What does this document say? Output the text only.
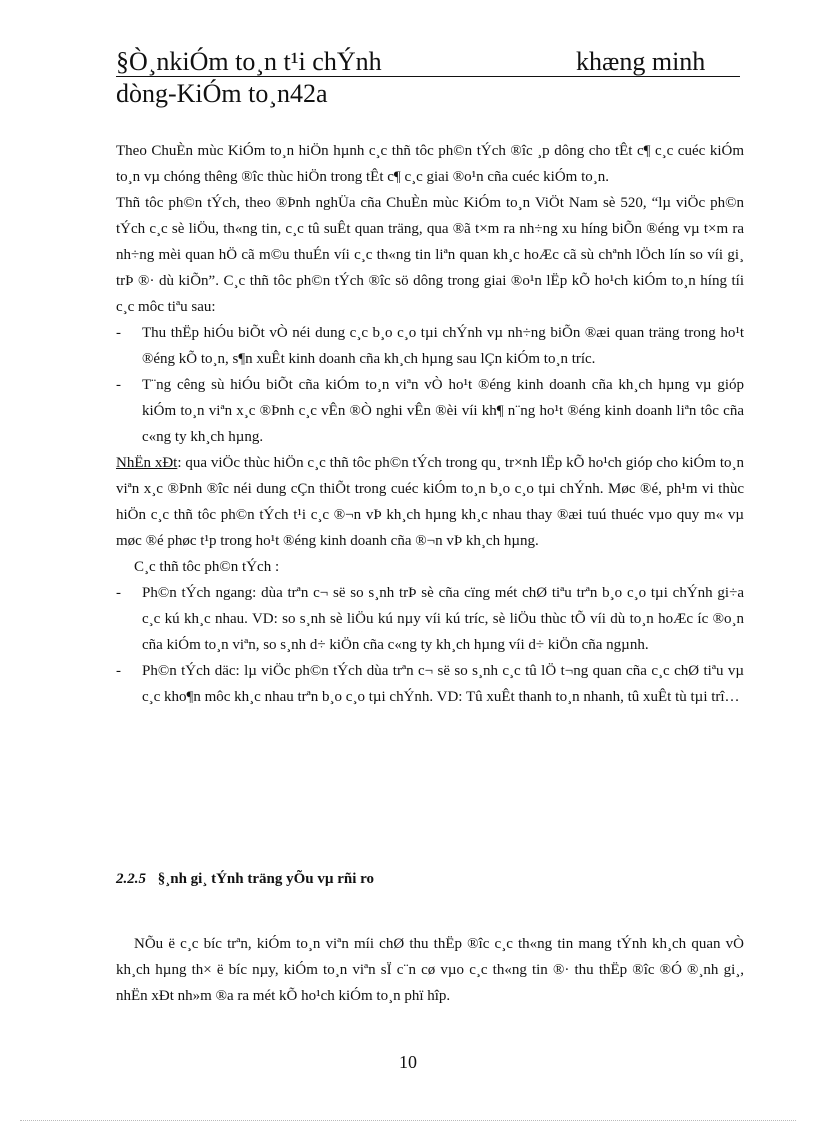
§Ò¸nkiÓm to¸n t¹i chÝnh	khæng minh
dòng-KiÓm to¸n42a

Theo ChuÈn mùc KiÓm to¸n hiÖn hµnh c¸c thñ tôc ph©n tÝch ®îc ¸p dông cho tÊt c¶ c¸c cuéc kiÓm to¸n vµ chóng thêng ®îc thùc hiÖn trong tÊt c¶ c¸c giai ®o¹n cña cuéc kiÓm to¸n.

Thñ tôc ph©n tÝch, theo ®Þnh nghÜa cña ChuÈn mùc KiÓm to¸n ViÖt Nam sè 520, “lµ viÖc ph©n tÝch c¸c sè liÖu, th«ng tin, c¸c tû suÊt quan träng, qua ®ã t×m ra nh÷ng xu híng biÕn ®éng vµ t×m ra nh÷ng mèi quan hÖ cã m©u thuÉn víi c¸c th«ng tin liªn quan kh¸c hoÆc cã sù chªnh lÖch lín so víi gi¸ trÞ ®· dù kiÕn”. C¸c thñ tôc ph©n tÝch ®îc sö dông trong giai ®o¹n lËp kÕ ho¹ch kiÓm to¸n híng tíi c¸c môc tiªu sau:

- Thu thËp hiÓu biÕt vÒ néi dung c¸c b¸o c¸o tµi chÝnh vµ nh÷ng biÕn ®æi quan träng trong ho¹t ®éng kÕ to¸n, s¶n xuÊt kinh doanh cña kh¸ch hµng sau lÇn kiÓm to¸n tríc.

- T¨ng cêng sù hiÓu biÕt cña kiÓm to¸n viªn vÒ ho¹t ®éng kinh doanh cña kh¸ch hµng vµ gióp kiÓm to¸n viªn x¸c ®Þnh c¸c vÊn ®Ò nghi vÊn ®èi víi kh¶ n¨ng ho¹t ®éng kinh doanh liªn tôc cña c«ng ty kh¸ch hµng.

NhËn xÐt: qua viÖc thùc hiÖn c¸c thñ tôc ph©n tÝch trong qu¸ tr×nh lËp kÕ ho¹ch gióp cho kiÓm to¸n viªn x¸c ®Þnh ®îc néi dung cÇn thiÕt trong cuéc kiÓm to¸n b¸o c¸o tµi chÝnh. Møc ®é, ph¹m vi thùc hiÖn c¸c thñ tôc ph©n tÝch t¹i c¸c ®¬n vÞ kh¸ch hµng kh¸c nhau thay ®æi tuú thuéc vµo quy m« vµ møc ®é phøc t¹p trong ho¹t ®éng kinh doanh cña ®¬n vÞ kh¸ch hµng.

C¸c thñ tôc ph©n tÝch :

- Ph©n tÝch ngang: dùa trªn c¬ së so s¸nh trÞ sè cña cïng mét chØ tiªu trªn b¸o c¸o tµi chÝnh gi÷a c¸c kú kh¸c nhau. VD: so s¸nh sè liÖu kú nµy víi kú tríc, sè liÖu thùc tÕ víi dù to¸n hoÆc íc ®o¸n cña kiÓm to¸n viªn, so s¸nh d÷ kiÖn cña c«ng ty kh¸ch hµng víi d÷ kiÖn cña ngµnh.

- Ph©n tÝch däc: lµ viÖc ph©n tÝch dùa trªn c¬ së so s¸nh c¸c tû lÖ t¬ng quan cña c¸c chØ tiªu vµ c¸c kho¶n môc kh¸c nhau trªn b¸o c¸o tµi chÝnh. VD: Tû xuÊt thanh to¸n nhanh, tû xuÊt tù tµi trî…

2.2.5 §¸nh gi¸ tÝnh träng yÕu vµ rñi ro

NÕu ë c¸c bíc trªn, kiÓm to¸n viªn míi chØ thu thËp ®îc c¸c th«ng tin mang tÝnh kh¸ch quan vÒ kh¸ch hµng th× ë bíc nµy, kiÓm to¸n viªn sÏ c¨n cø vµo c¸c th«ng tin ®· thu thËp ®îc ®Ó ®¸nh gi¸, nhËn xÐt nh»m ®a ra mét kÕ ho¹ch kiÓm to¸n phï hîp.

10
